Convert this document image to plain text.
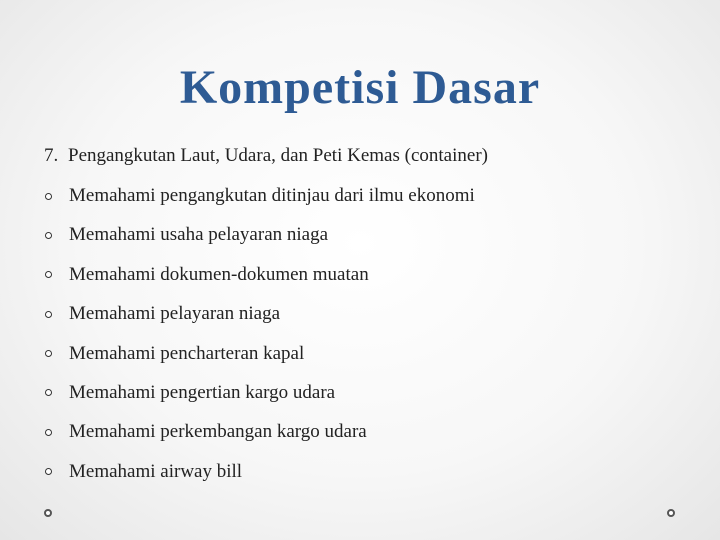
Kompetisi Dasar
7. Pengangkutan Laut, Udara, dan Peti Kemas (container)
Memahami pengangkutan ditinjau dari ilmu ekonomi
Memahami usaha pelayaran niaga
Memahami dokumen-dokumen muatan
Memahami pelayaran niaga
Memahami pencharteran kapal
Memahami pengertian kargo udara
Memahami perkembangan kargo udara
Memahami airway bill
